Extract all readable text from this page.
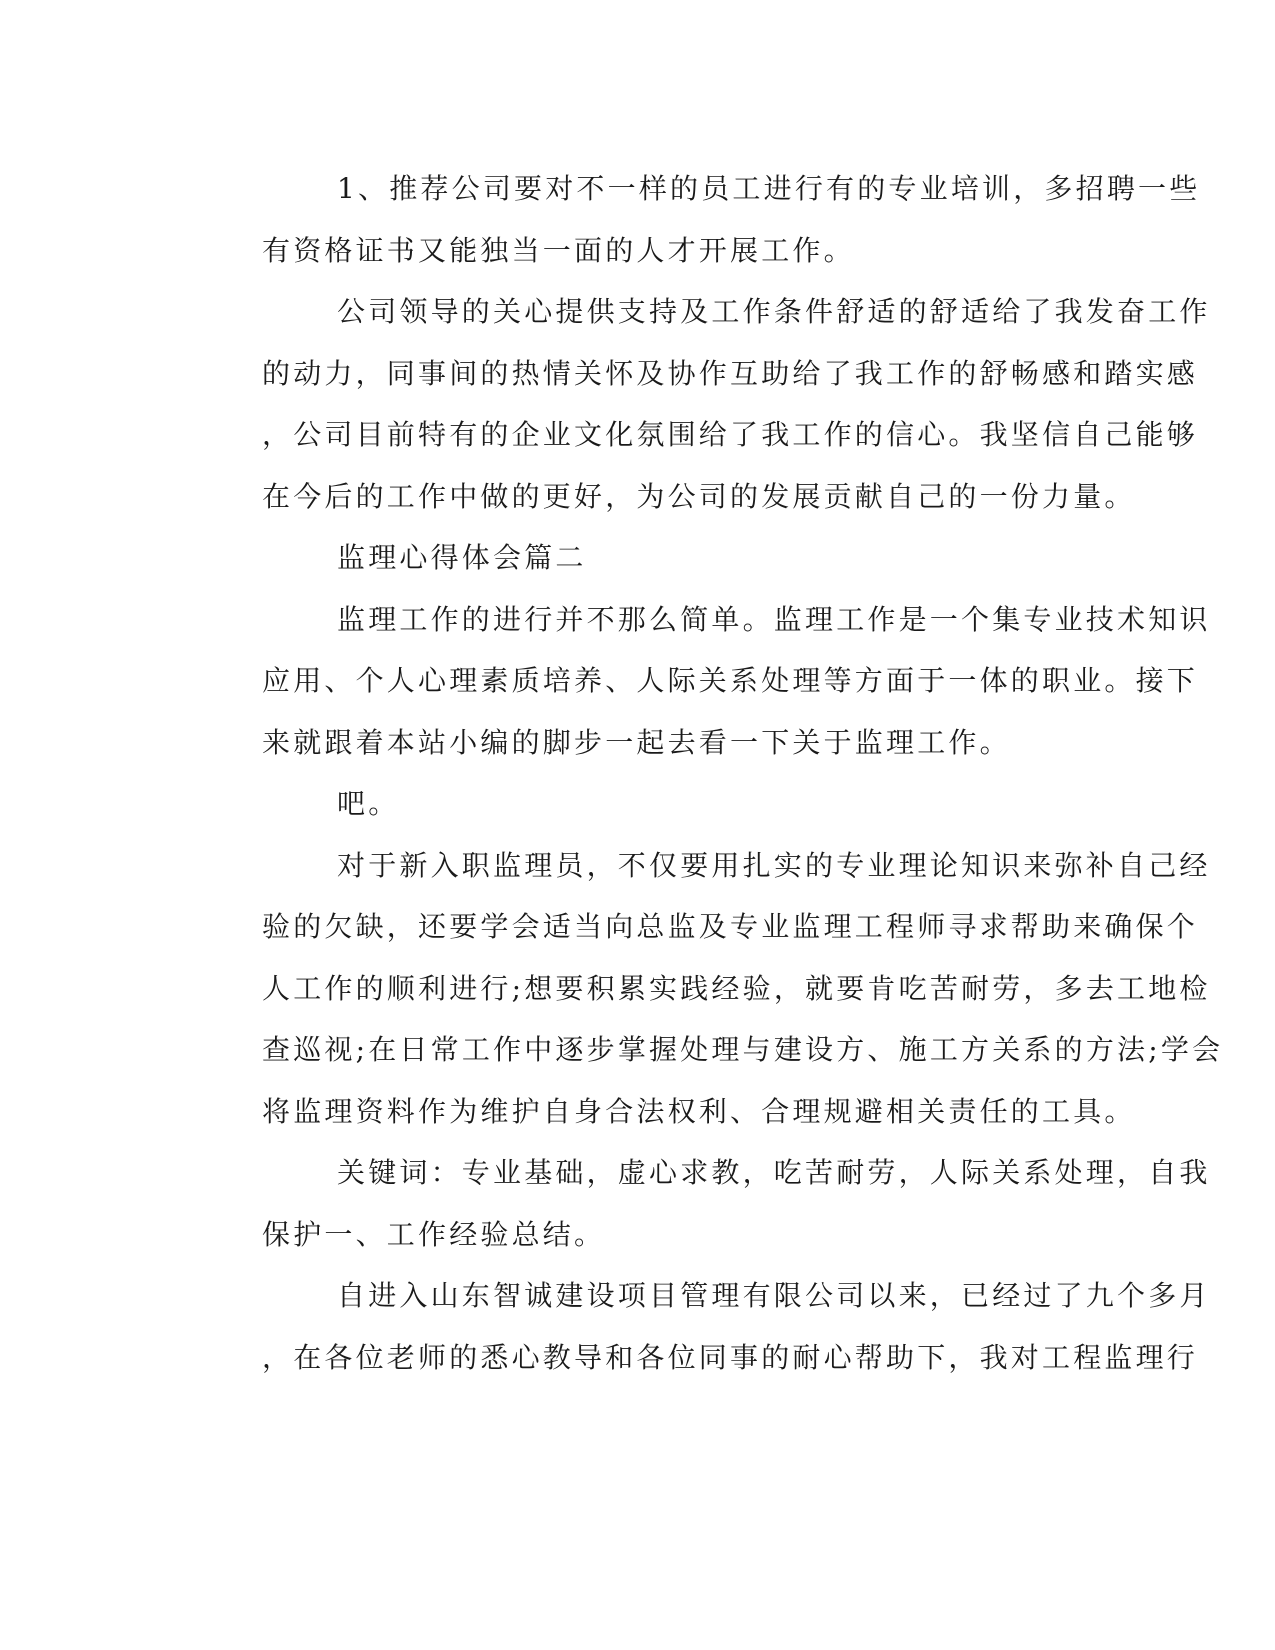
1、推荐公司要对不一样的员工进行有的专业培训，多招聘一些
有资格证书又能独当一面的人才开展工作。
公司领导的关心提供支持及工作条件舒适的舒适给了我发奋工作
的动力，同事间的热情关怀及协作互助给了我工作的舒畅感和踏实感
，公司目前特有的企业文化氛围给了我工作的信心。我坚信自己能够
在今后的工作中做的更好，为公司的发展贡献自己的一份力量。
监理心得体会篇二
监理工作的进行并不那么简单。监理工作是一个集专业技术知识
应用、个人心理素质培养、人际关系处理等方面于一体的职业。接下
来就跟着本站小编的脚步一起去看一下关于监理工作。
吧。
对于新入职监理员，不仅要用扎实的专业理论知识来弥补自己经
验的欠缺，还要学会适当向总监及专业监理工程师寻求帮助来确保个
人工作的顺利进行;想要积累实践经验，就要肯吃苦耐劳，多去工地检
查巡视;在日常工作中逐步掌握处理与建设方、施工方关系的方法;学会
将监理资料作为维护自身合法权利、合理规避相关责任的工具。
关键词：专业基础，虚心求教，吃苦耐劳，人际关系处理，自我
保护一、工作经验总结。
自进入山东智诚建设项目管理有限公司以来，已经过了九个多月
，在各位老师的悉心教导和各位同事的耐心帮助下，我对工程监理行
